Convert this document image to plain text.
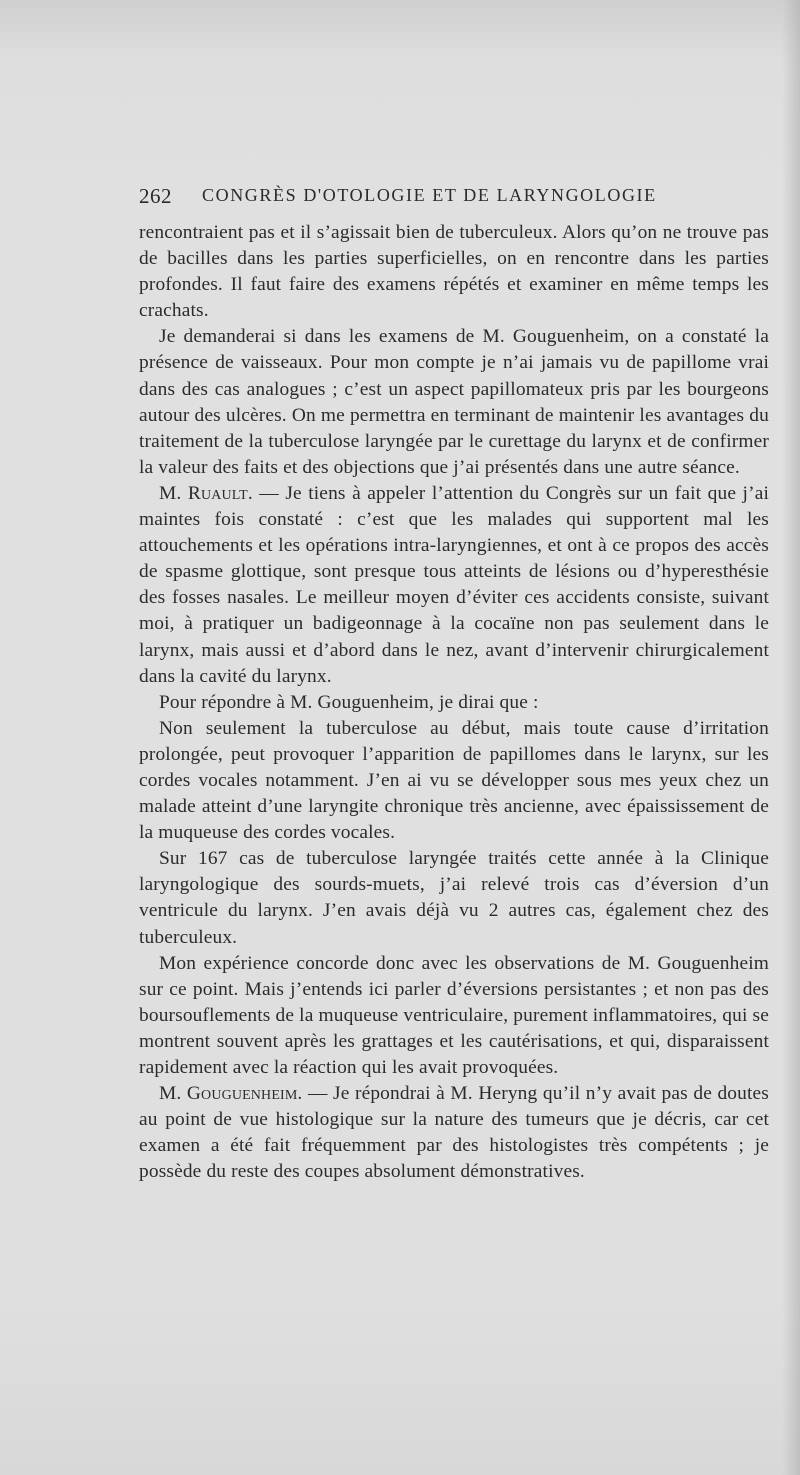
262 CONGRÈS D'OTOLOGIE ET DE LARYNGOLOGIE

rencontraient pas et il s’agissait bien de tuberculeux. Alors qu’on ne trouve pas de bacilles dans les parties superficielles, on en rencontre dans les parties profondes. Il faut faire des examens répétés et examiner en même temps les crachats.

Je demanderai si dans les examens de M. Gouguenheim, on a constaté la présence de vaisseaux. Pour mon compte je n’ai jamais vu de papillome vrai dans des cas analogues ; c’est un aspect papillomateux pris par les bourgeons autour des ulcères. On me permettra en terminant de maintenir les avantages du traitement de la tuberculose laryngée par le curettage du larynx et de confirmer la valeur des faits et des objections que j’ai présentés dans une autre séance.

M. Ruault. — Je tiens à appeler l’attention du Congrès sur un fait que j’ai maintes fois constaté : c’est que les malades qui supportent mal les attouchements et les opérations intra-laryngiennes, et ont à ce propos des accès de spasme glottique, sont presque tous atteints de lésions ou d’hyperesthésie des fosses nasales. Le meilleur moyen d’éviter ces accidents consiste, suivant moi, à pratiquer un badigeonnage à la cocaïne non pas seulement dans le larynx, mais aussi et d’abord dans le nez, avant d’intervenir chirurgicalement dans la cavité du larynx.

Pour répondre à M. Gouguenheim, je dirai que :

Non seulement la tuberculose au début, mais toute cause d’irritation prolongée, peut provoquer l’apparition de papillomes dans le larynx, sur les cordes vocales notamment. J’en ai vu se développer sous mes yeux chez un malade atteint d’une laryngite chronique très ancienne, avec épaississement de la muqueuse des cordes vocales.

Sur 167 cas de tuberculose laryngée traités cette année à la Clinique laryngologique des sourds-muets, j’ai relevé trois cas d’éversion d’un ventricule du larynx. J’en avais déjà vu 2 autres cas, également chez des tuberculeux.

Mon expérience concorde donc avec les observations de M. Gouguenheim sur ce point. Mais j’entends ici parler d’éversions persistantes ; et non pas des boursouflements de la muqueuse ventriculaire, purement inflammatoires, qui se montrent souvent après les grattages et les cautérisations, et qui, disparaissent rapidement avec la réaction qui les avait provoquées.

M. Gouguenheim. — Je répondrai à M. Heryng qu’il n’y avait pas de doutes au point de vue histologique sur la nature des tumeurs que je décris, car cet examen a été fait fréquemment par des histologistes très compétents ; je possède du reste des coupes absolument démonstratives.
